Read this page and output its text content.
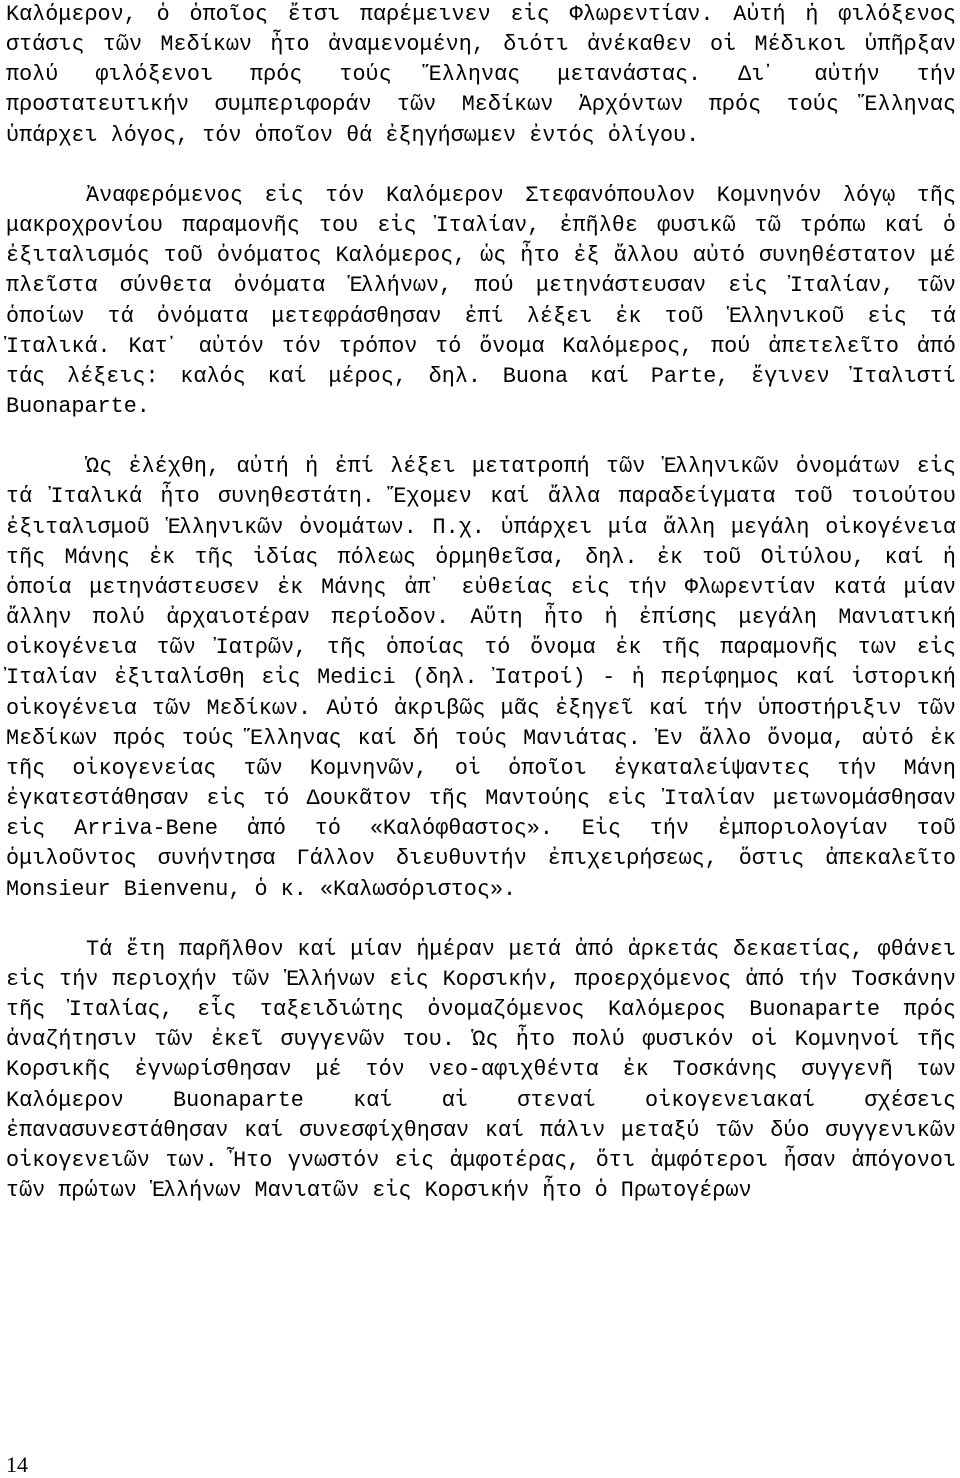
Καλόμερον, ὁ ὁποῖος ἔτσι παρέμεινεν εἰς Φλωρεντίαν. Αὐτή ἡ φιλόξενος στάσις τῶν Μεδίκων ἦτο ἀναμενομένη, διότι ἀνέκαθεν οἱ Μέδικοι ὑπῆρξαν πολύ φιλόξενοι πρός τούς Ἕλληνας μετανάστας. Δι᾽ αὐτήν τήν προστατευτικήν συμπεριφοράν τῶν Μεδίκων Ἀρχόντων πρός τούς Ἕλληνας ὑπάρχει λόγος, τόν ὁποῖον θά ἐξηγήσωμεν ἐντός ὀλίγου.

Ἀναφερόμενος εἰς τόν Καλόμερον Στεφανόπουλον Κομνηνόν λόγῳ τῆς μακροχρονίου παραμονῆς του εἰς Ἰταλίαν, ἐπῆλθε φυσικῶ τῶ τρόπω καί ὁ ἐξιταλισμός τοῦ ὀνόματος Καλόμερος, ὡς ἦτο ἐξ ἄλλου αὐτό συνηθέστατον μέ πλεῖστα σύνθετα ὀνόματα Ἑλλήνων, πού μετηνάστευσαν εἰς Ἰταλίαν, τῶν ὁποίων τά ὀνόματα μετεφράσθησαν ἐπί λέξει ἐκ τοῦ Ἑλληνικοῦ εἰς τά Ἰταλικά. Κατ᾽ αὐτόν τόν τρόπον τό ὄνομα Καλόμερος, πού ἀπετελεῖτο ἀπό τάς λέξεις: καλός καί μέρος, δηλ. Buona καί Parte, ἔγινεν Ἰταλιστί Buonaparte.

Ὡς ἐλέχθη, αὐτή ἡ ἐπί λέξει μετατροπή τῶν Ἑλληνικῶν ὀνομάτων εἰς τά Ἰταλικά ἦτο συνηθεστάτη. Ἔχομεν καί ἄλλα παραδείγματα τοῦ τοιούτου ἐξιταλισμοῦ Ἑλληνικῶν ὀνομάτων. Π.χ. ὑπάρχει μία ἄλλη μεγάλη οἰκογένεια τῆς Μάνης ἐκ τῆς ἰδίας πόλεως ὁρμηθεῖσα, δηλ. ἐκ τοῦ Οἰτύλου, καί ἡ ὁποία μετηνάστευσεν ἐκ Μάνης ἀπ᾽ εὐθείας εἰς τήν Φλωρεντίαν κατά μίαν ἄλλην πολύ ἀρχαιοτέραν περίοδον. Αὕτη ἦτο ἡ ἐπίσης μεγάλη Μανιατική οἰκογένεια τῶν Ἰατρῶν, τῆς ὁποίας τό ὄνομα ἐκ τῆς παραμονῆς των εἰς Ἰταλίαν ἐξιταλίσθη εἰς Medici (δηλ. Ἰατροί) - ἡ περίφημος καί ἱστορική οἰκογένεια τῶν Μεδίκων. Αὐτό ἀκριβῶς μᾶς ἐξηγεῖ καί τήν ὑποστήριξιν τῶν Μεδίκων πρός τούς Ἕλληνας καί δή τούς Μανιάτας. Ἐν ἄλλο ὄνομα, αὐτό ἐκ τῆς οἰκογενείας τῶν Κομνηνῶν, οἱ ὁποῖοι ἐγκαταλείψαντες τήν Μάνη ἐγκατεστάθησαν εἰς τό Δουκᾶτον τῆς Μαντούης εἰς Ἰταλίαν μετωνομάσθησαν εἰς Arriva-Bene ἀπό τό «Καλόφθαστος». Εἰς τήν ἐμποριολογίαν τοῦ ὁμιλοῦντος συνήντησα Γάλλον διευθυντήν ἐπιχειρήσεως, ὅστις ἀπεκαλεῖτο Monsieur Bienvenu, ὁ κ. «Καλωσόριστος».

Τά ἔτη παρῆλθον καί μίαν ἡμέραν μετά ἀπό ἀρκετάς δεκαετίας, φθάνει εἰς τήν περιοχήν τῶν Ἑλλήνων εἰς Κορσικήν, προερχόμενος ἀπό τήν Τοσκάνην τῆς Ἰταλίας, εἷς ταξειδιώτης ὀνομαζόμενος Καλόμερος Buonaparte πρός ἀναζήτησιν τῶν ἐκεῖ συγγενῶν του. Ὡς ἦτο πολύ φυσικόν οἱ Κομνηνοί τῆς Κορσικῆς ἐγνωρίσθησαν μέ τόν νεο-αφιχθέντα ἐκ Τοσκάνης συγγενῆ των Καλόμερον Buonaparte καί αἱ στεναί οἰκογενειακαί σχέσεις ἐπανασυνεστάθησαν καί συνεσφίχθησαν καί πάλιν μεταξύ τῶν δύο συγγενικῶν οἰκογενειῶν των. Ἦτο γνωστόν εἰς ἀμφοτέρας, ὅτι ἀμφότεροι ἦσαν ἀπόγονοι τῶν πρώτων Ἑλλήνων Μανιατῶν εἰς Κορσικήν ἦτο ὁ Πρωτογέρων

14
